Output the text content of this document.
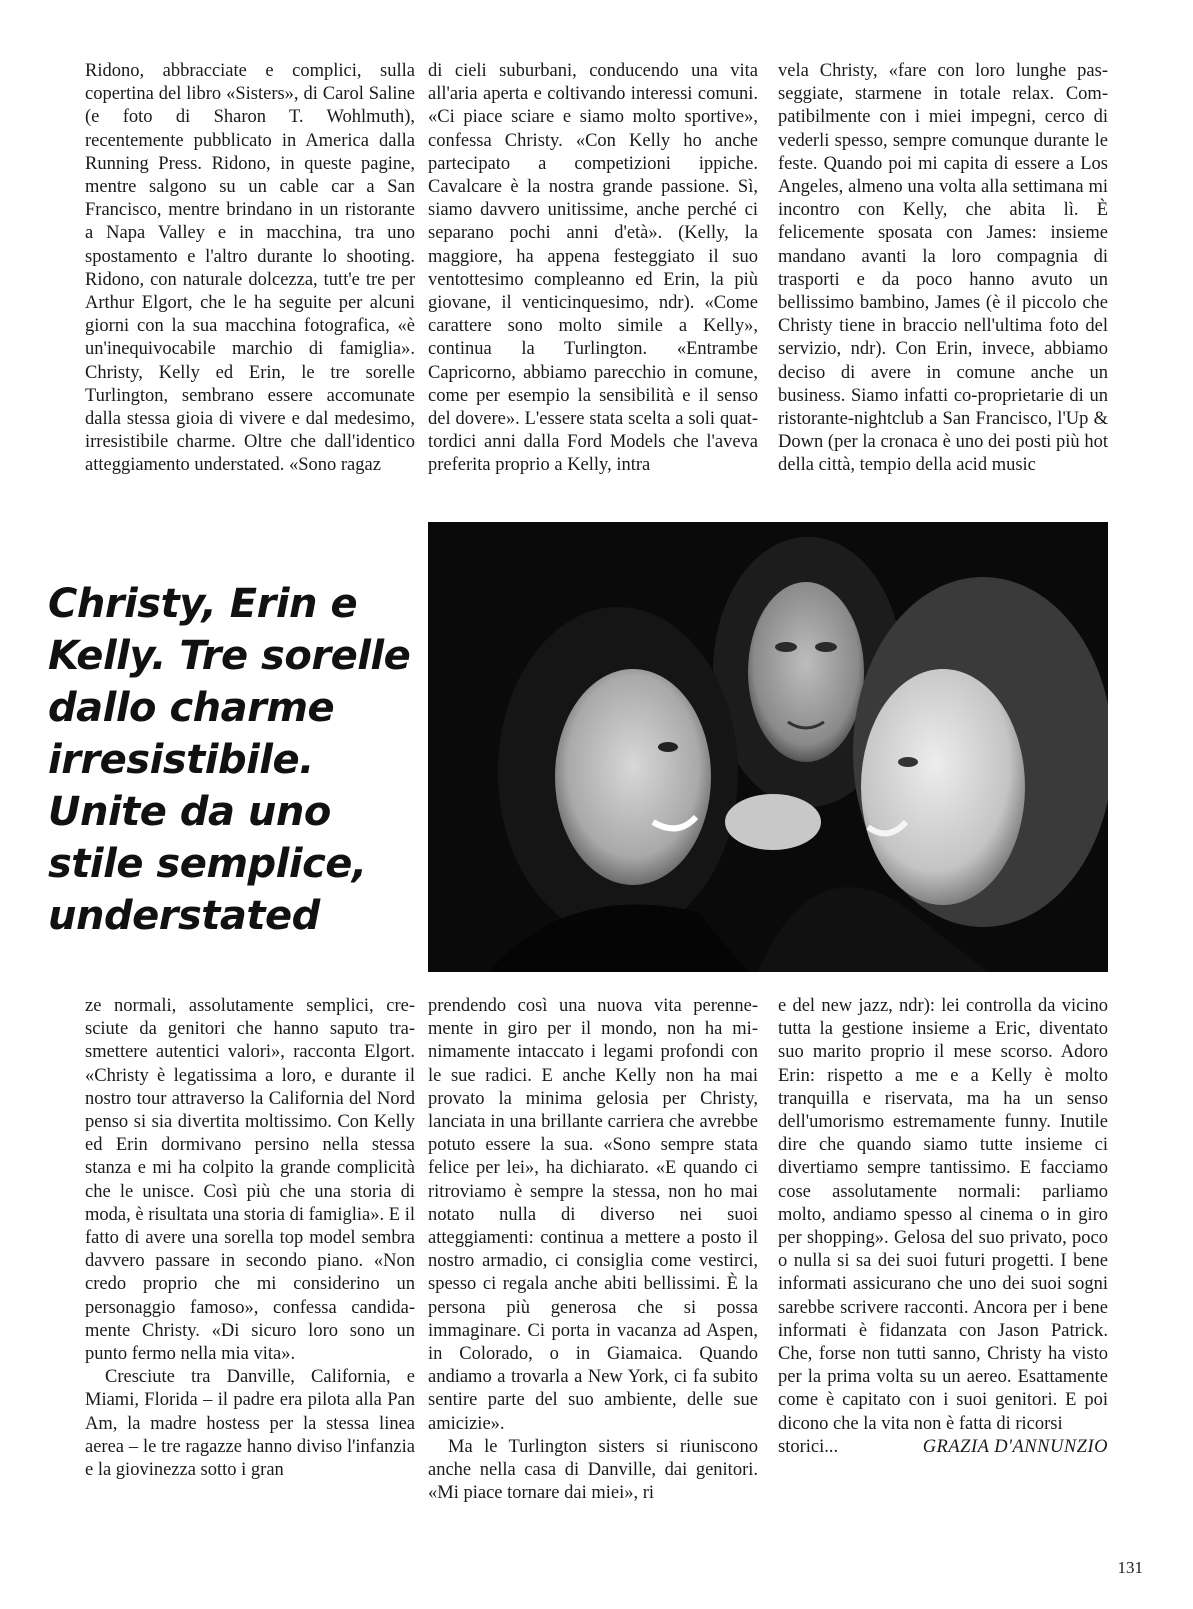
Ridono, abbracciate e complici, sulla copertina del libro «Sisters», di Carol Saline (e foto di Sharon T. Wohlmuth), recentemente pubblicato in America dalla Running Press. Ridono, in queste pagine, mentre salgono su un cable car a San Francisco, mentre brindano in un ristorante a Napa Valley e in macchina, tra uno spostamento e l'altro durante lo shooting. Ridono, con naturale dolcezza, tutt'e tre per Arthur Elgort, che le ha seguite per alcuni giorni con la sua macchina fotografica, «è un'inequivocabile marchio di famiglia». Christy, Kelly ed Erin, le tre sorelle Turlington, sembrano essere accomunate dalla stessa gioia di vivere e dal medesimo, irresistibile charme. Oltre che dall'identico atteggiamento understated. «Sono ragaz

di cieli suburbani, conducendo una vita all'aria aperta e coltivando interessi comuni. «Ci piace sciare e siamo molto sportive», confessa Christy. «Con Kelly ho anche partecipato a competizioni ippiche. Cavalcare è la nostra grande passione. Sì, siamo davvero unitissime, anche perché ci separano pochi anni d'età». (Kelly, la maggiore, ha appena festeggiato il suo ventottesimo compleanno ed Erin, la più giovane, il venticinquesimo, ndr). «Come carattere sono molto simile a Kelly», continua la Turlington. «Entrambe Capricorno, abbiamo parecchio in comune, come per esempio la sensibilità e il senso del dovere». L'essere stata scelta a soli quattordici anni dalla Ford Models che l'aveva preferita proprio a Kelly, intra

vela Christy, «fare con loro lunghe passeggiate, starmene in totale relax. Compatibilmente con i miei impegni, cerco di vederli spesso, sempre comunque durante le feste. Quando poi mi capita di essere a Los Angeles, almeno una volta alla settimana mi incontro con Kelly, che abita lì. È felicemente sposata con James: insieme mandano avanti la loro compagnia di trasporti e da poco hanno avuto un bellissimo bambino, James (è il piccolo che Christy tiene in braccio nell'ultima foto del servizio, ndr). Con Erin, invece, abbiamo deciso di avere in comune anche un business. Siamo infatti co-proprietarie di un ristorante-nightclub a San Francisco, l'Up & Down (per la cronaca è uno dei posti più hot della città, tempio della acid music

Christy, Erin e
Kelly. Tre sorelle
dallo charme
irresistibile.
Unite da uno
stile semplice,
understated

ze normali, assolutamente semplici, cresciute da genitori che hanno saputo trasmettere autentici valori», racconta Elgort. «Christy è legatissima a loro, e durante il nostro tour attraverso la California del Nord penso si sia divertita moltissimo. Con Kelly ed Erin dormivano persino nella stessa stanza e mi ha colpito la grande complicità che le unisce. Così più che una storia di moda, è risultata una storia di famiglia». E il fatto di avere una sorella top model sembra davvero passare in secondo piano. «Non credo proprio che mi considerino un personaggio famoso», confessa candidamente Christy. «Di sicuro loro sono un punto fermo nella mia vita».

Cresciute tra Danville, California, e Miami, Florida – il padre era pilota alla Pan Am, la madre hostess per la stessa linea aerea – le tre ragazze hanno diviso l'infanzia e la giovinezza sotto i gran

prendendo così una nuova vita perennemente in giro per il mondo, non ha minimamente intaccato i legami profondi con le sue radici. E anche Kelly non ha mai provato la minima gelosia per Christy, lanciata in una brillante carriera che avrebbe potuto essere la sua. «Sono sempre stata felice per lei», ha dichiarato. «E quando ci ritroviamo è sempre la stessa, non ho mai notato nulla di diverso nei suoi atteggiamenti: continua a mettere a posto il nostro armadio, ci consiglia come vestirci, spesso ci regala anche abiti bellissimi. È la persona più generosa che si possa immaginare. Ci porta in vacanza ad Aspen, in Colorado, o in Giamaica. Quando andiamo a trovarla a New York, ci fa subito sentire parte del suo ambiente, delle sue amicizie».

Ma le Turlington sisters si riuniscono anche nella casa di Danville, dai genitori. «Mi piace tornare dai miei», ri

e del new jazz, ndr): lei controlla da vicino tutta la gestione insieme a Eric, diventato suo marito proprio il mese scorso. Adoro Erin: rispetto a me e a Kelly è molto tranquilla e riservata, ma ha un senso dell'umorismo estremamente funny. Inutile dire che quando siamo tutte insieme ci divertiamo sempre tantissimo. E facciamo cose assolutamente normali: parliamo molto, andiamo spesso al cinema o in giro per shopping». Gelosa del suo privato, poco o nulla si sa dei suoi futuri progetti. I bene informati assicurano che uno dei suoi sogni sarebbe scrivere racconti. Ancora per i bene informati è fidanzata con Jason Patrick. Che, forse non tutti sanno, Christy ha visto per la prima volta su un aereo. Esattamente come è capitato con i suoi genitori. E poi dicono che la vita non è fatta di ricorsi

storici...	GRAZIA D'ANNUNZIO
131
